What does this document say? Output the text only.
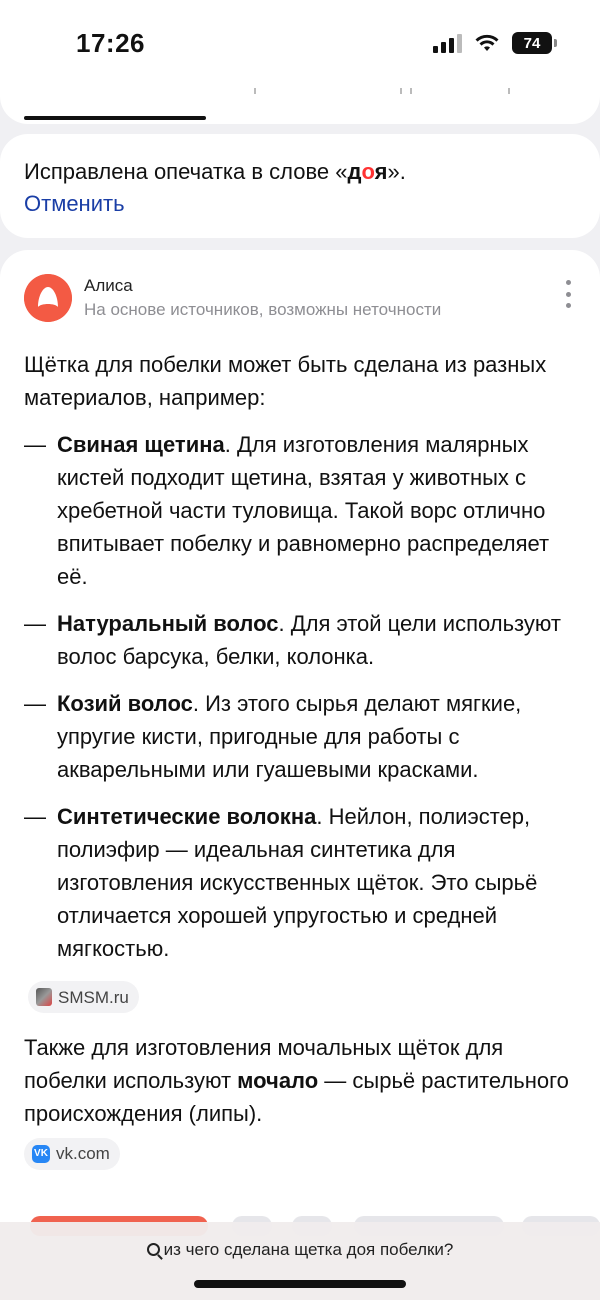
17:26	74
Исправлена опечатка в слове «доя».
Отменить
Алиса
На основе источников, возможны неточности

Щётка для побелки может быть сделана из разных материалов, например:

— Свиная щетина. Для изготовления малярных кистей подходит щетина, взятая у животных с хребетной части туловища. Такой ворс отлично впитывает побелку и равномерно распределяет её.
— Натуральный волос. Для этой цели используют волос барсука, белки, колонка.
— Козий волос. Из этого сырья делают мягкие, упругие кисти, пригодные для работы с акварельными или гуашевыми красками.
— Синтетические волокна. Нейлон, полиэстер, полиэфир — идеальная синтетика для изготовления искусственных щёток. Это сырьё отличается хорошей упругостью и средней мягкостью.
SMSM.ru

Также для изготовления мочальных щёток для побелки используют мочало — сырьё растительного происхождения (липы).

VK vk.com
из чего сделана щетка доя побелки?
